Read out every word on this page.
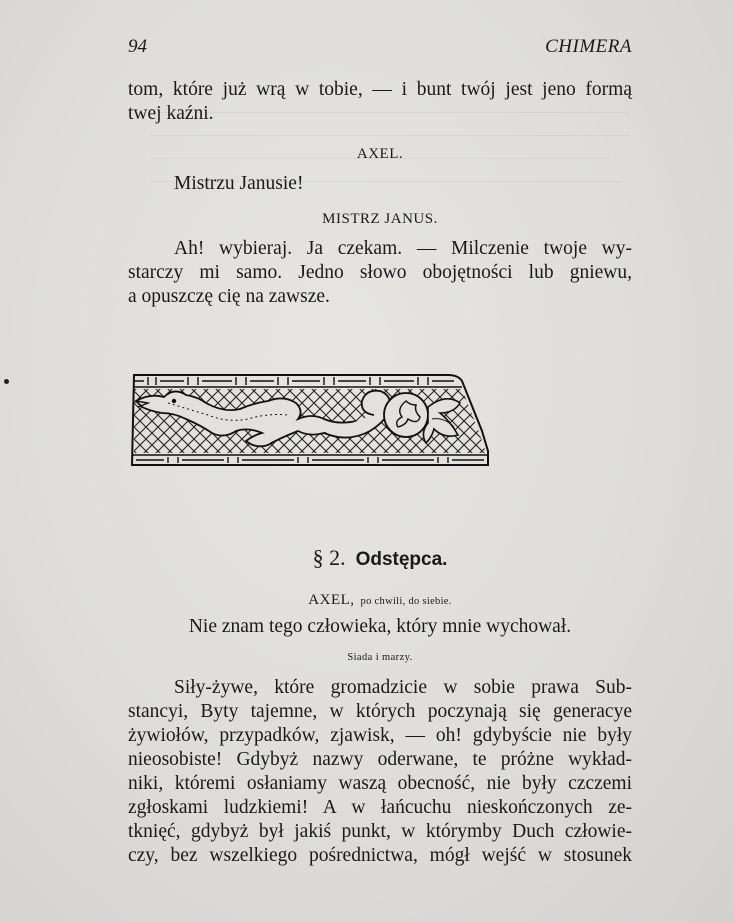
94	CHIMERA
tom, które już wrą w tobie, — i bunt twój jest jeno formą
twej kaźni.
AXEL.
Mistrzu Janusie!
MISTRZ JANUS.
Ah! wybieraj. Ja czekam. — Milczenie twoje wy-
starczy mi samo. Jedno słowo obojętności lub gniewu,
a opuszczę cię na zawsze.
§ 2. Odstępca.
AXEL, po chwili, do siebie.
Nie znam tego człowieka, który mnie wychował.
Siada i marzy.
Siły-żywe, które gromadzicie w sobie prawa Sub-
stancyi, Byty tajemne, w których poczynają się generacye
żywiołów, przypadków, zjawisk, — oh! gdybyście nie były
nieosobiste! Gdybyż nazwy oderwane, te próżne wykład-
niki, któremi osłaniamy waszą obecność, nie były czczemi
zgłoskami ludzkiemi! A w łańcuchu nieskończonych ze-
tknięć, gdybyż był jakiś punkt, w którymby Duch człowie-
czy, bez wszelkiego pośrednictwa, mógł wejść w stosunek
